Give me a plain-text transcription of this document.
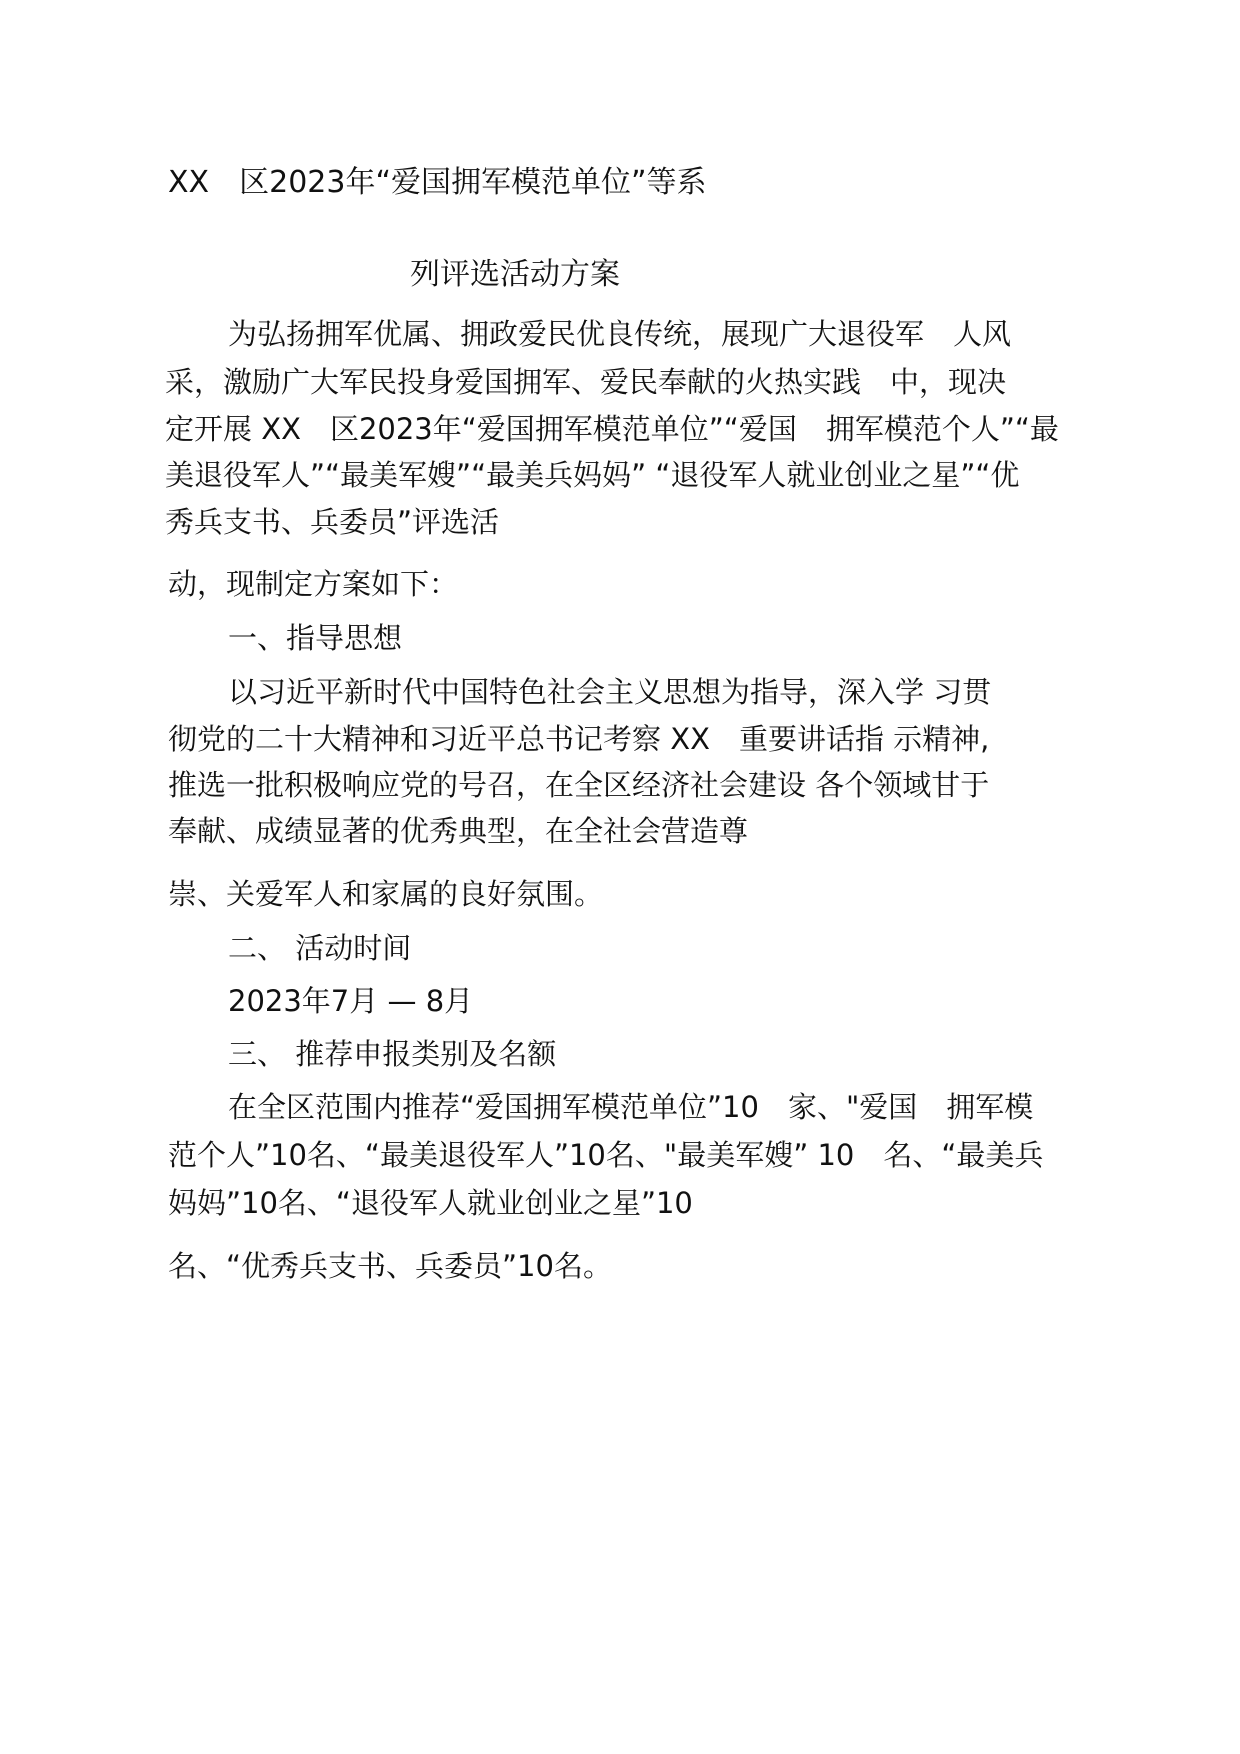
XX　区2023年“爱国拥军模范单位”等系

列评选活动方案

为弘扬拥军优属、拥政爱民优良传统，展现广大退役军　人风

采，激励广大军民投身爱国拥军、爱民奉献的火热实践　中，现决

定开展 XX　区2023年“爱国拥军模范单位”“爱国　拥军模范个人”“最

美退役军人”“最美军嫂”“最美兵妈妈” “退役军人就业创业之星”“优

秀兵支书、兵委员”评选活

动，现制定方案如下：

一、指导思想

以习近平新时代中国特色社会主义思想为指导，深入学 习贯

彻党的二十大精神和习近平总书记考察 XX　重要讲话指 示精神,

推选一批积极响应党的号召，在全区经济社会建设 各个领域甘于

奉献、成绩显著的优秀典型，在全社会营造尊

崇、关爱军人和家属的良好氛围。

二、 活动时间

2023年7月 — 8月

三、 推荐申报类别及名额

在全区范围内推荐“爱国拥军模范单位”10　家、"爱国　拥军模

范个人”10名、“最美退役军人”10名、"最美军嫂” 10　名、“最美兵

妈妈”10名、“退役军人就业创业之星”10

名、“优秀兵支书、兵委员”10名。
